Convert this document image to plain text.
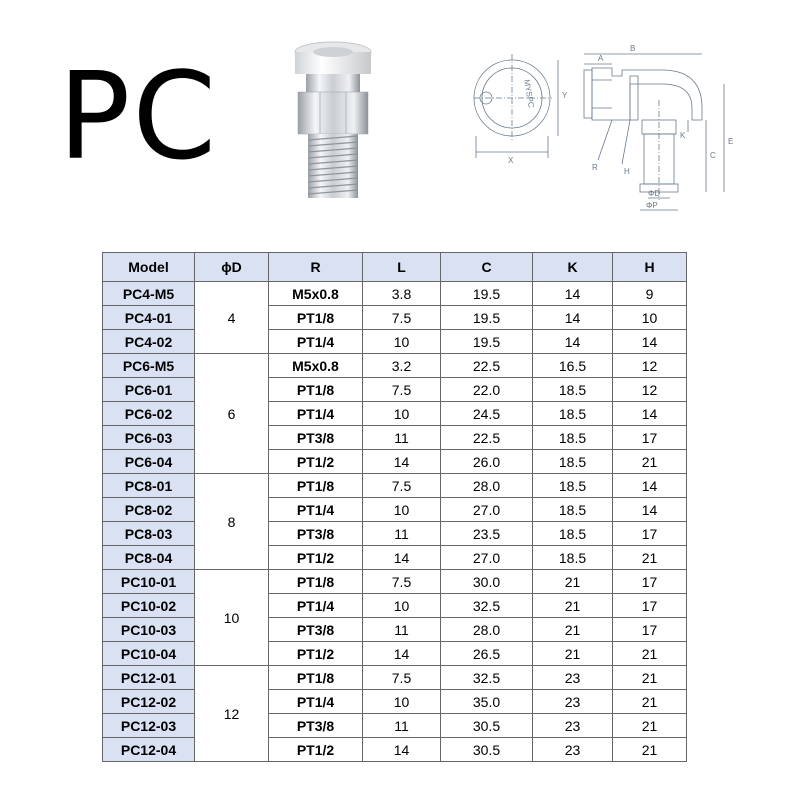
PC	MYSPC
X
Y
B
A
C
E
R	H
K
ΦD
ΦP
Model	ϕD	R	L	C	K	H
PC4-M5	4	M5x0.8	3.8	19.5	14	9
PC4-01		PT1/8	7.5	19.5	14	10
PC4-02		PT1/4	10	19.5	14	14
PC6-M5	6	M5x0.8	3.2	22.5	16.5	12
PC6-01		PT1/8	7.5	22.0	18.5	12
PC6-02		PT1/4	10	24.5	18.5	14
PC6-03		PT3/8	11	22.5	18.5	17
PC6-04		PT1/2	14	26.0	18.5	21
PC8-01	8	PT1/8	7.5	28.0	18.5	14
PC8-02		PT1/4	10	27.0	18.5	14
PC8-03		PT3/8	11	23.5	18.5	17
PC8-04		PT1/2	14	27.0	18.5	21
PC10-01	10	PT1/8	7.5	30.0	21	17
PC10-02		PT1/4	10	32.5	21	17
PC10-03		PT3/8	11	28.0	21	17
PC10-04		PT1/2	14	26.5	21	21
PC12-01	12	PT1/8	7.5	32.5	23	21
PC12-02		PT1/4	10	35.0	23	21
PC12-03		PT3/8	11	30.5	23	21
PC12-04		PT1/2	14	30.5	23	21
